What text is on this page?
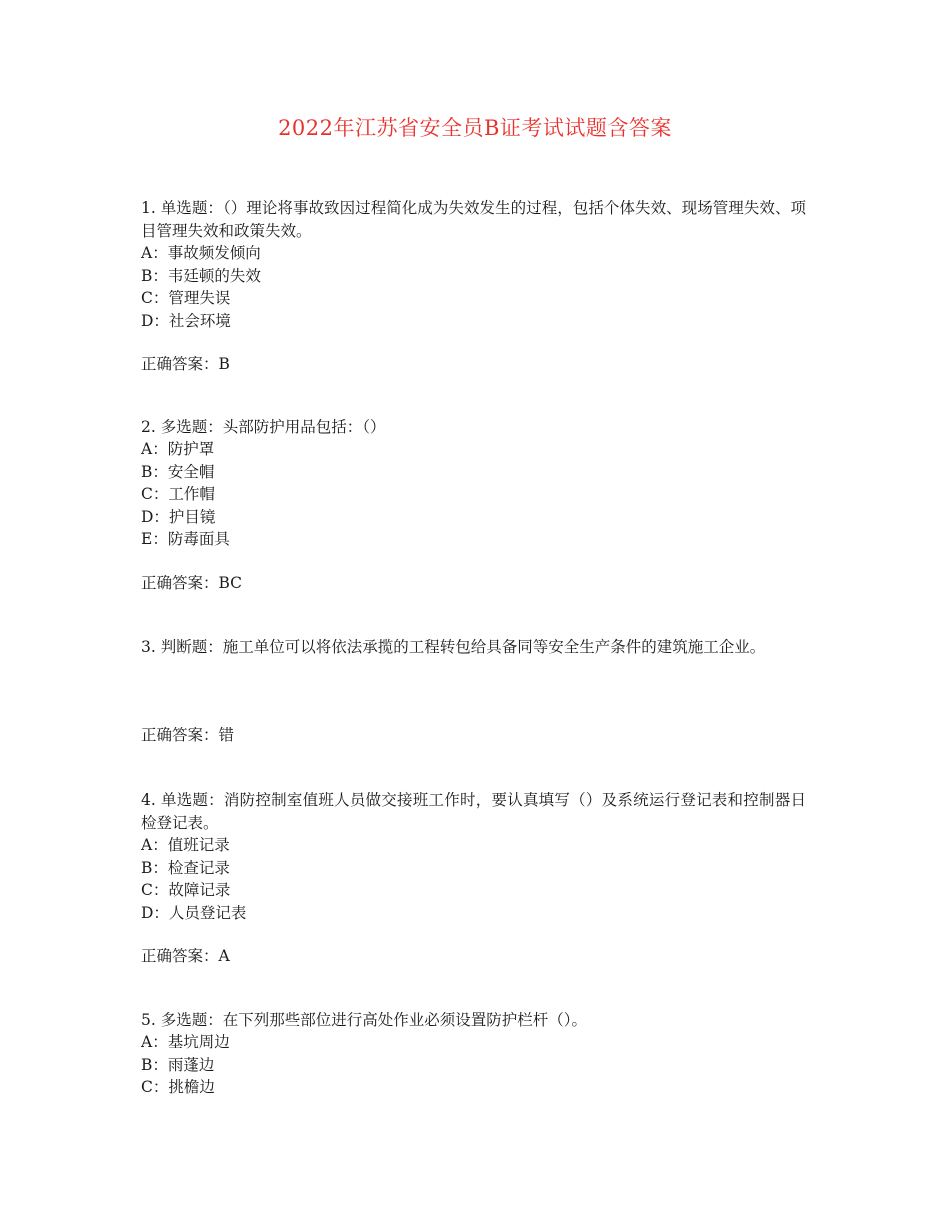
2022年江苏省安全员B证考试试题含答案

1. 单选题：（）理论将事故致因过程简化成为失效发生的过程，包括个体失效、现场管理失效、项目管理失效和政策失效。

A：事故频发倾向
B：韦廷顿的失效
C：管理失误
D：社会环境

正确答案：B

2. 多选题：头部防护用品包括：（）

A：防护罩
B：安全帽
C：工作帽
D：护目镜
E：防毒面具

正确答案：BC

3. 判断题：施工单位可以将依法承揽的工程转包给具备同等安全生产条件的建筑施工企业。

正确答案：错

4. 单选题：消防控制室值班人员做交接班工作时，要认真填写（）及系统运行登记表和控制器日检登记表。

A：值班记录
B：检查记录
C：故障记录
D：人员登记表

正确答案：A

5. 多选题：在下列那些部位进行高处作业必须设置防护栏杆（）。

A：基坑周边
B：雨蓬边
C：挑檐边
